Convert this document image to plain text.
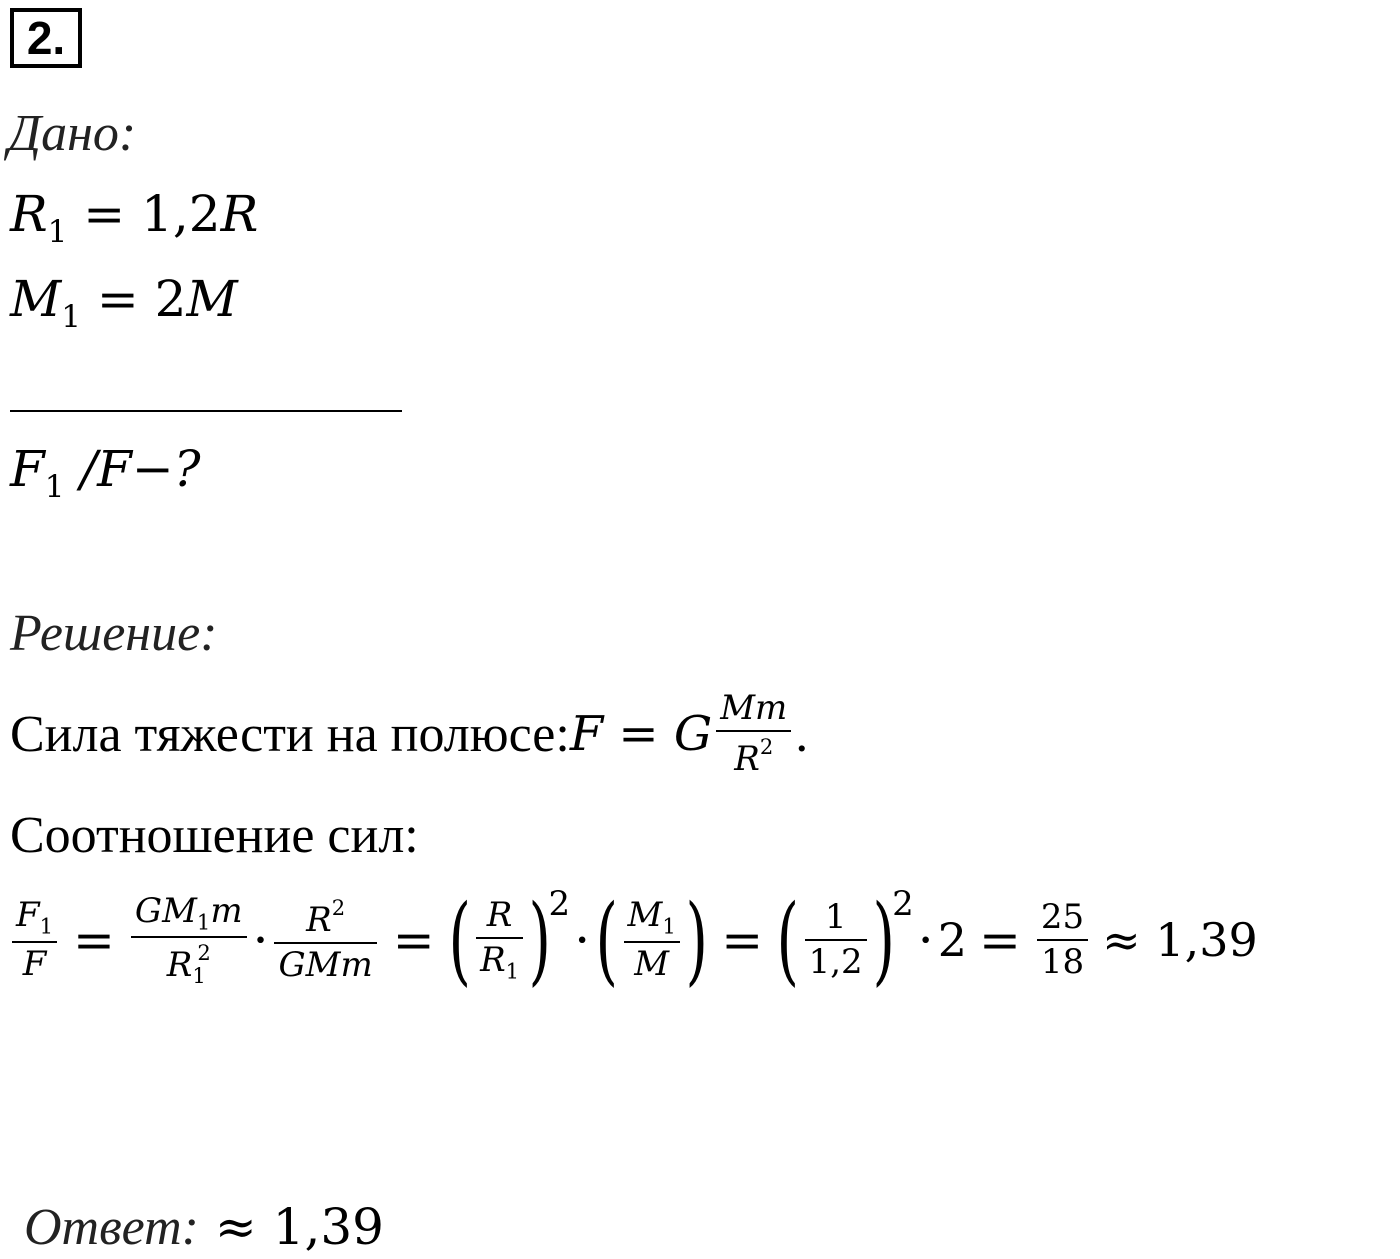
2.
Дано:
$R_1 = 1,2R$
$M_1 = 2M$
$F_1$ /F−?
Решение:
Сила тяжести на полюсе: F = G $\frac{Mm}{R^2}$ .
Соотношение сил:
$\frac{F_1}{F} = \frac{GM_1m}{R_1^2} \cdot \frac{R^2}{\text{GMm}}$ = ( $\frac{R}{R_1}$ )
2
· ( $\frac{M_1}{M}$ ) = ( $\frac{1}{1,2}$ )
2
· $2 = \frac{25}{18} \approx 1,39$
Ответ: ≈ 1,39
